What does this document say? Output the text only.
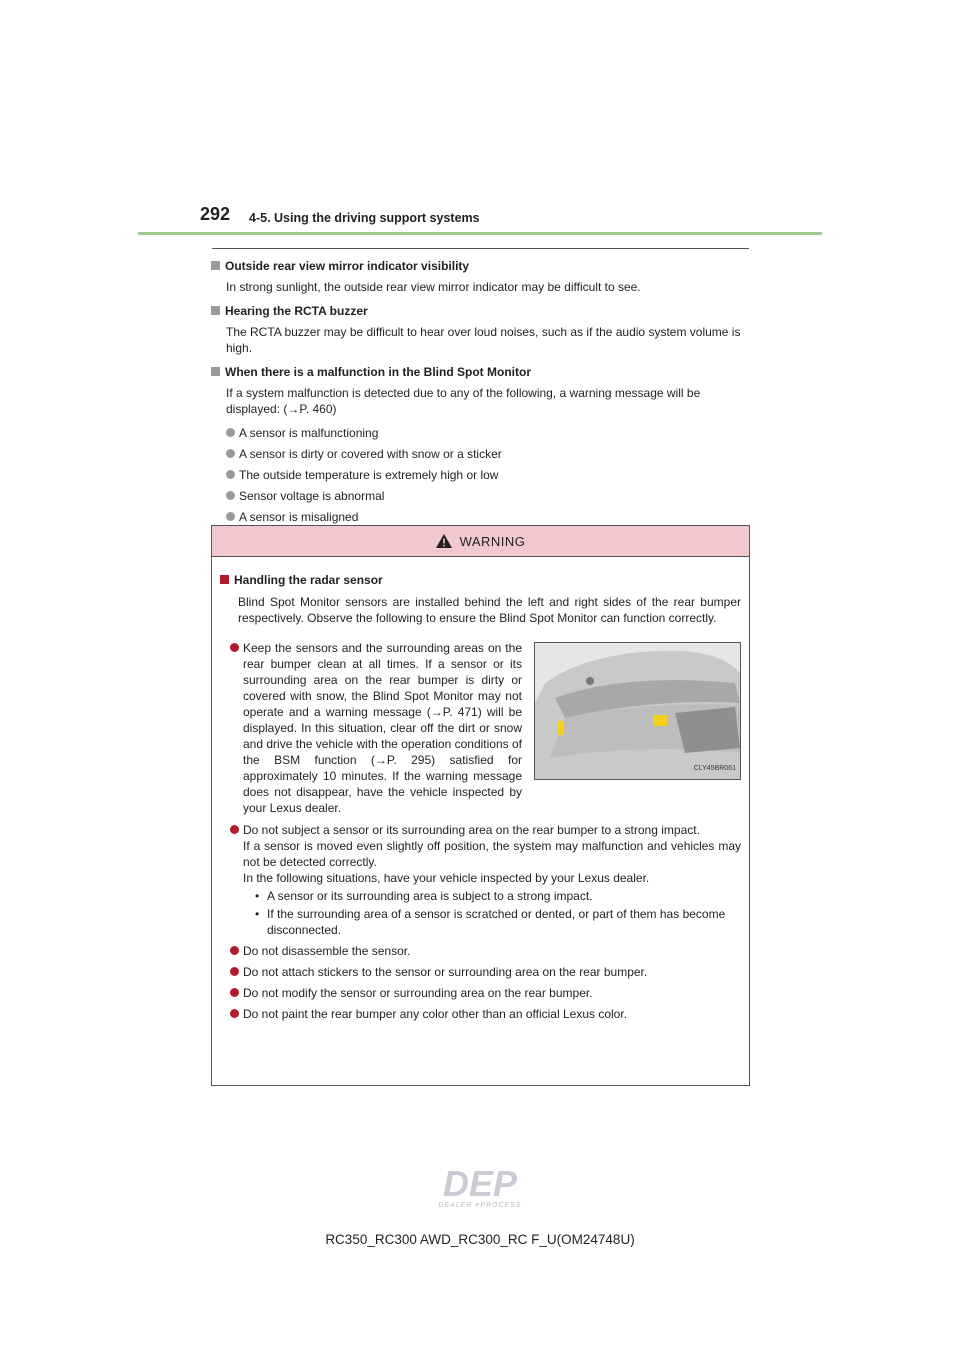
292 4-5. Using the driving support systems
Outside rear view mirror indicator visibility
In strong sunlight, the outside rear view mirror indicator may be difficult to see.
Hearing the RCTA buzzer
The RCTA buzzer may be difficult to hear over loud noises, such as if the audio system volume is high.
When there is a malfunction in the Blind Spot Monitor
If a system malfunction is detected due to any of the following, a warning message will be displayed: (→P. 460)
A sensor is malfunctioning
A sensor is dirty or covered with snow or a sticker
The outside temperature is extremely high or low
Sensor voltage is abnormal
A sensor is misaligned
WARNING
Handling the radar sensor
Blind Spot Monitor sensors are installed behind the left and right sides of the rear bumper respectively. Observe the following to ensure the Blind Spot Monitor can function correctly.
Keep the sensors and the surrounding areas on the rear bumper clean at all times. If a sensor or its surrounding area on the rear bumper is dirty or covered with snow, the Blind Spot Monitor may not operate and a warning message (→P. 471) will be displayed. In this situation, clear off the dirt or snow and drive the vehicle with the operation conditions of the BSM function (→P. 295) satisfied for approximately 10 minutes. If the warning message does not disappear, have the vehicle inspected by your Lexus dealer.
CLY45BR061
Do not subject a sensor or its surrounding area on the rear bumper to a strong impact.
If a sensor is moved even slightly off position, the system may malfunction and vehicles may not be detected correctly.
In the following situations, have your vehicle inspected by your Lexus dealer.
• A sensor or its surrounding area is subject to a strong impact.
• If the surrounding area of a sensor is scratched or dented, or part of them has become disconnected.
Do not disassemble the sensor.
Do not attach stickers to the sensor or surrounding area on the rear bumper.
Do not modify the sensor or surrounding area on the rear bumper.
Do not paint the rear bumper any color other than an official Lexus color.
DEP
DEALER ePROCESS
RC350_RC300 AWD_RC300_RC F_U(OM24748U)
